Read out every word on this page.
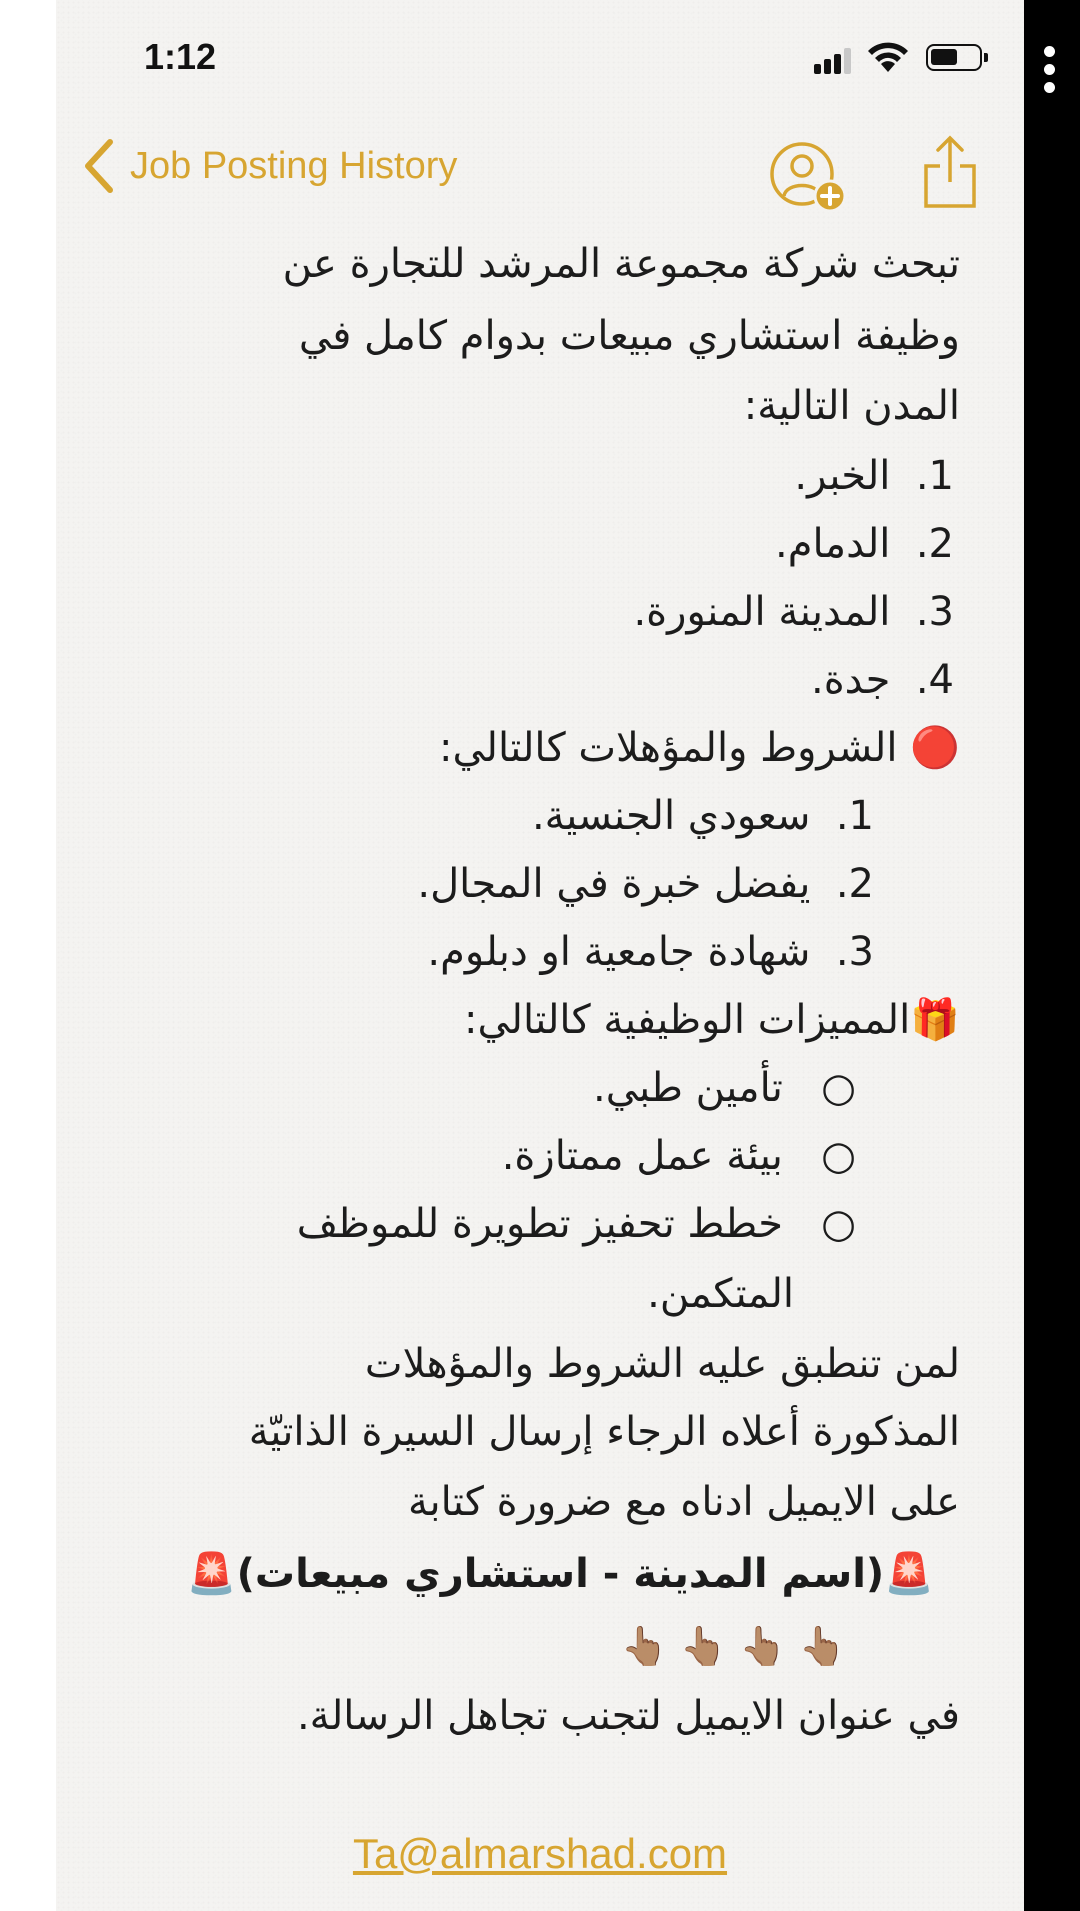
1:12
Job Posting History
تبحث شركة مجموعة المرشد للتجارة عن
وظيفة استشاري مبيعات بدوام كامل في
المدن التالية:
1.  الخبر.
2.  الدمام.
3.  المدينة المنورة.
4.  جدة.
🔴 الشروط والمؤهلات كالتالي:
1.  سعودي الجنسية.
2.  يفضل خبرة في المجال.
3.  شهادة جامعية او دبلوم.
🎁المميزات الوظيفية كالتالي:
○   تأمين طبي.
○   بيئة عمل ممتازة.
○   خطط تحفيز تطويرة للموظف
المتكمن.
لمن تنطبق عليه الشروط والمؤهلات
المذكورة أعلاه الرجاء إرسال السيرة الذاتيّة
على الايميل ادناه مع ضرورة كتابة
🚨(اسم المدينة - استشاري مبيعات)🚨
👆🏽 👆🏽 👆🏽 👆🏽
في عنوان الايميل لتجنب تجاهل الرسالة.
Ta@almarshad.com
